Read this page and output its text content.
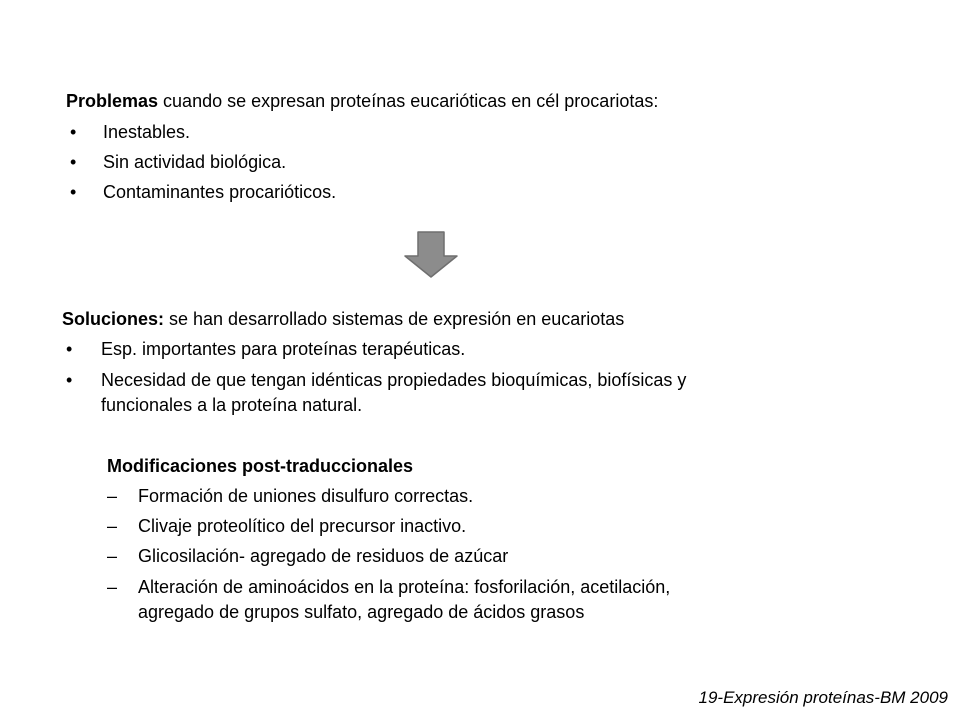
Problemas cuando se expresan proteínas eucarióticas en cél procariotas:
• Inestables.
• Sin actividad biológica.
• Contaminantes procarióticos.
Soluciones: se han desarrollado sistemas de expresión en eucariotas
• Esp. importantes para proteínas terapéuticas.
• Necesidad de que tengan idénticas propiedades bioquímicas, biofísicas y
funcionales a la proteína natural.
Modificaciones post-traduccionales
– Formación de uniones disulfuro correctas.
– Clivaje proteolítico del precursor inactivo.
– Glicosilación- agregado de residuos de azúcar
– Alteración de aminoácidos en la proteína: fosforilación, acetilación,
agregado de grupos sulfato, agregado de ácidos grasos
19-Expresión proteínas-BM 2009
